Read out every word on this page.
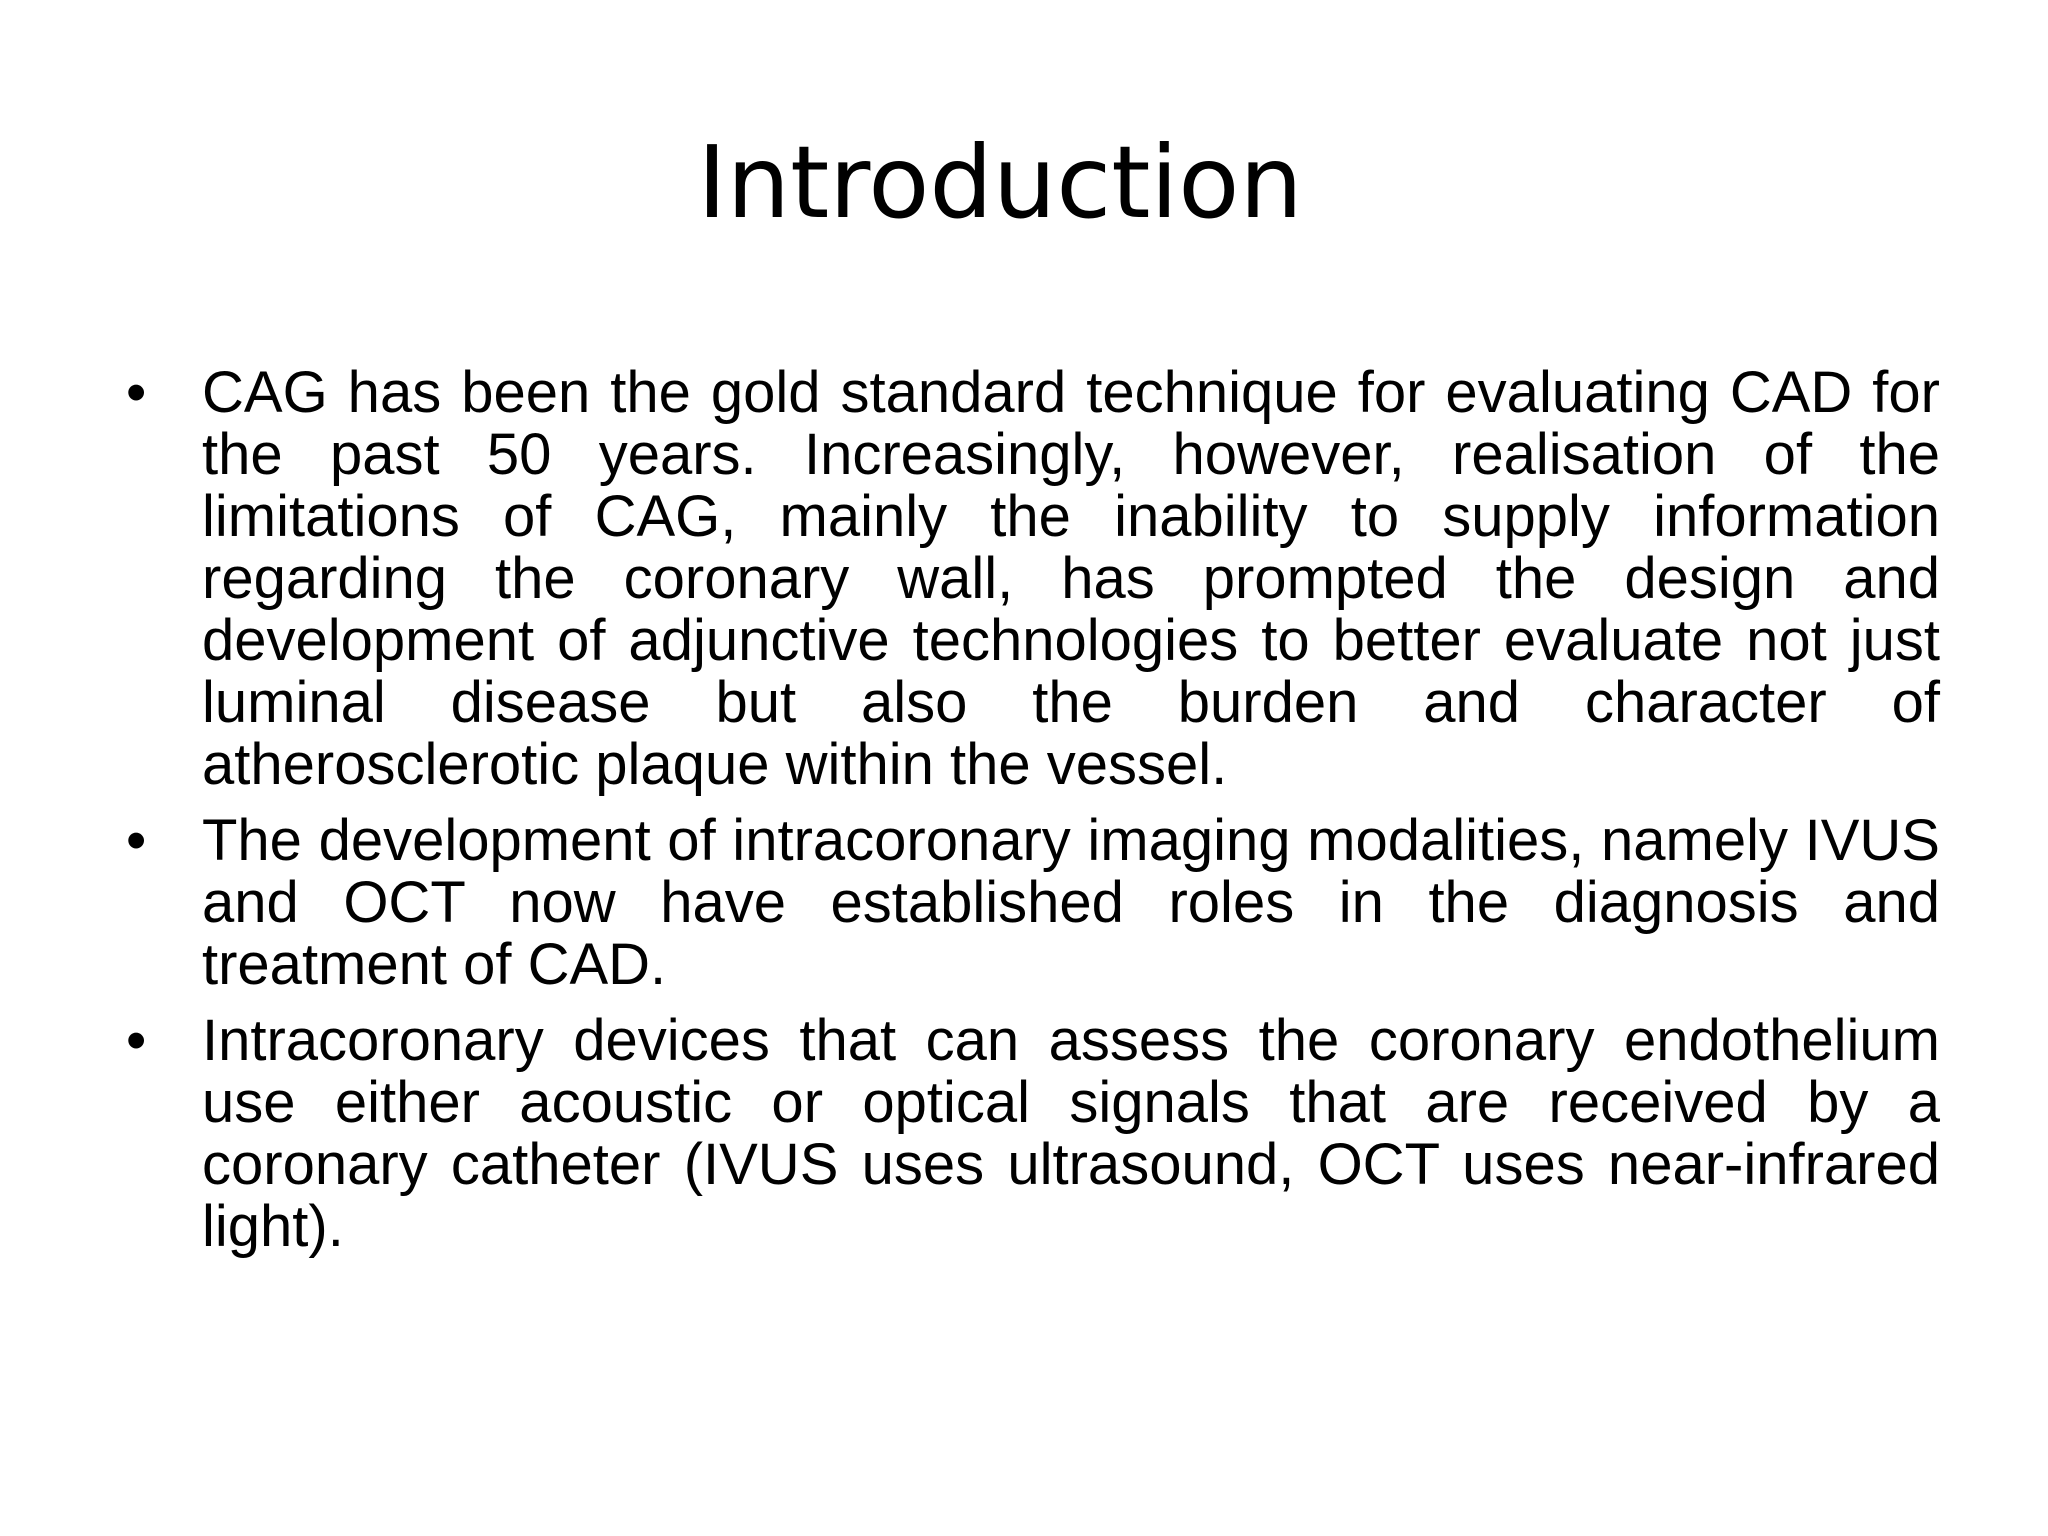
Introduction
• CAG has been the gold standard technique for evaluating CAD for the past 50 years. Increasingly, however, realisation of the limitations of CAG, mainly the inability to supply information regarding the coronary wall, has prompted the design and development of adjunctive technologies to better evaluate not just luminal disease but also the burden and character of atherosclerotic plaque within the vessel.
• The development of intracoronary imaging modalities, namely IVUS and OCT now have established roles in the diagnosis and treatment of CAD.
• Intracoronary devices that can assess the coronary endothelium use either acoustic or optical signals that are received by a coronary catheter (IVUS uses ultrasound, OCT uses near-infrared light).
